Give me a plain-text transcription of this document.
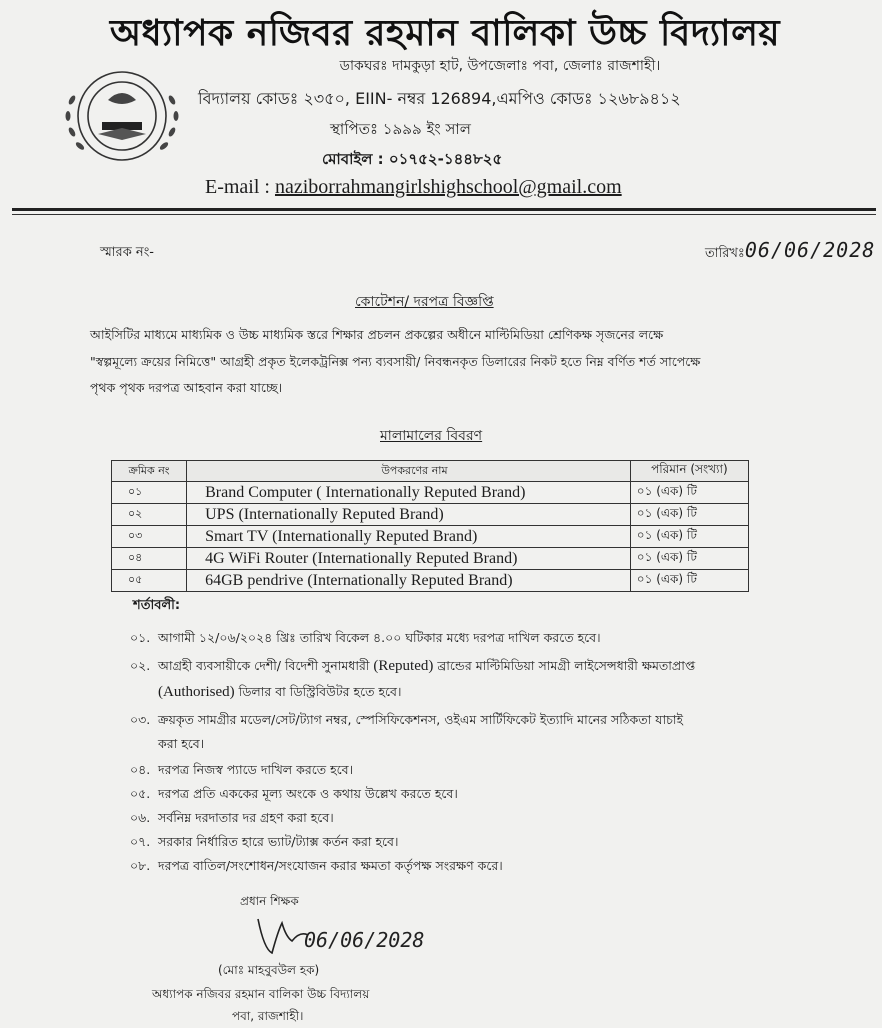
অধ্যাপক নজিবর রহমান বালিকা উচ্চ বিদ্যালয়
ডাকঘরঃ দামকুড়া হাট, উপজেলাঃ পবা, জেলাঃ রাজশাহী।
বিদ্যালয় কোডঃ ২৩৫০, EIIN- নম্বর 126894,এমপিও কোডঃ ১২৬৮৯৪১২
স্থাপিতঃ ১৯৯৯ ইং সাল
মোবাইল : ০১৭৫২-১৪৪৮২৫
E-mail : naziborrahmangirlshighschool@gmail.com
স্মারক নং-	তারিখঃ06/06/2028
কোটেশন/ দরপত্র বিজ্ঞপ্তি
আইসিটির মাধ্যমে মাধ্যমিক ও উচ্চ মাধ্যমিক স্তরে শিক্ষার প্রচলন প্রকল্পের অধীনে মাল্টিমিডিয়া শ্রেণিকক্ষ সৃজনের লক্ষে
"স্বল্পমূল্যে ক্রয়ের নিমিত্তে" আগ্রহী প্রকৃত ইলেকট্রনিক্স পন্য ব্যবসায়ী/ নিবন্ধনকৃত ডিলারের নিকট হতে নিম্ন বর্ণিত শর্ত সাপেক্ষে
পৃথক পৃথক দরপত্র আহবান করা যাচ্ছে।
মালামালের বিবরণ
ক্রমিক নং	উপকরণের নাম	পরিমান (সংখ্যা)
০১	Brand Computer ( Internationally Reputed Brand)	০১ (এক) টি
০২	UPS (Internationally Reputed Brand)	০১ (এক) টি
০৩	Smart TV (Internationally Reputed Brand)	০১ (এক) টি
০৪	4G WiFi Router (Internationally Reputed Brand)	০১ (এক) টি
০৫	64GB pendrive (Internationally Reputed Brand)	০১ (এক) টি
শর্তাবলী:
০১. আগামী ১২/০৬/২০২৪ খ্রিঃ তারিখ বিকেল ৪.০০ ঘটিকার মধ্যে দরপত্র দাখিল করতে হবে।
০২. আগ্রহী ব্যবসায়ীকে দেশী/ বিদেশী সুনামধারী (Reputed) ব্রান্ডের মাল্টিমিডিয়া সামগ্রী লাইসেন্সধারী ক্ষমতাপ্রাপ্ত
(Authorised) ডিলার বা ডিস্ট্রিবিউটর হতে হবে।
০৩. ক্রয়কৃত সামগ্রীর মডেল/সেট/ট্যাগ নম্বর, স্পেসিফিকেশনস, ওইএম সার্টিফিকেট ইত্যাদি মানের সঠিকতা যাচাই
করা হবে।
০৪. দরপত্র নিজস্ব প্যাডে দাখিল করতে হবে।
০৫. দরপত্র প্রতি এককের মূল্য অংকে ও কথায় উল্লেখ করতে হবে।
০৬. সর্বনিম্ন দরদাতার দর গ্রহণ করা হবে।
০৭. সরকার নির্ধারিত হারে ভ্যাট/ট্যাক্স কর্তন করা হবে।
০৮. দরপত্র বাতিল/সংশোধন/সংযোজন করার ক্ষমতা কর্তৃপক্ষ সংরক্ষণ করে।
প্রধান শিক্ষক
06/06/2028
(মোঃ মাহবুবউল হক)
অধ্যাপক নজিবর রহমান বালিকা উচ্চ বিদ্যালয়
পবা, রাজশাহী।
